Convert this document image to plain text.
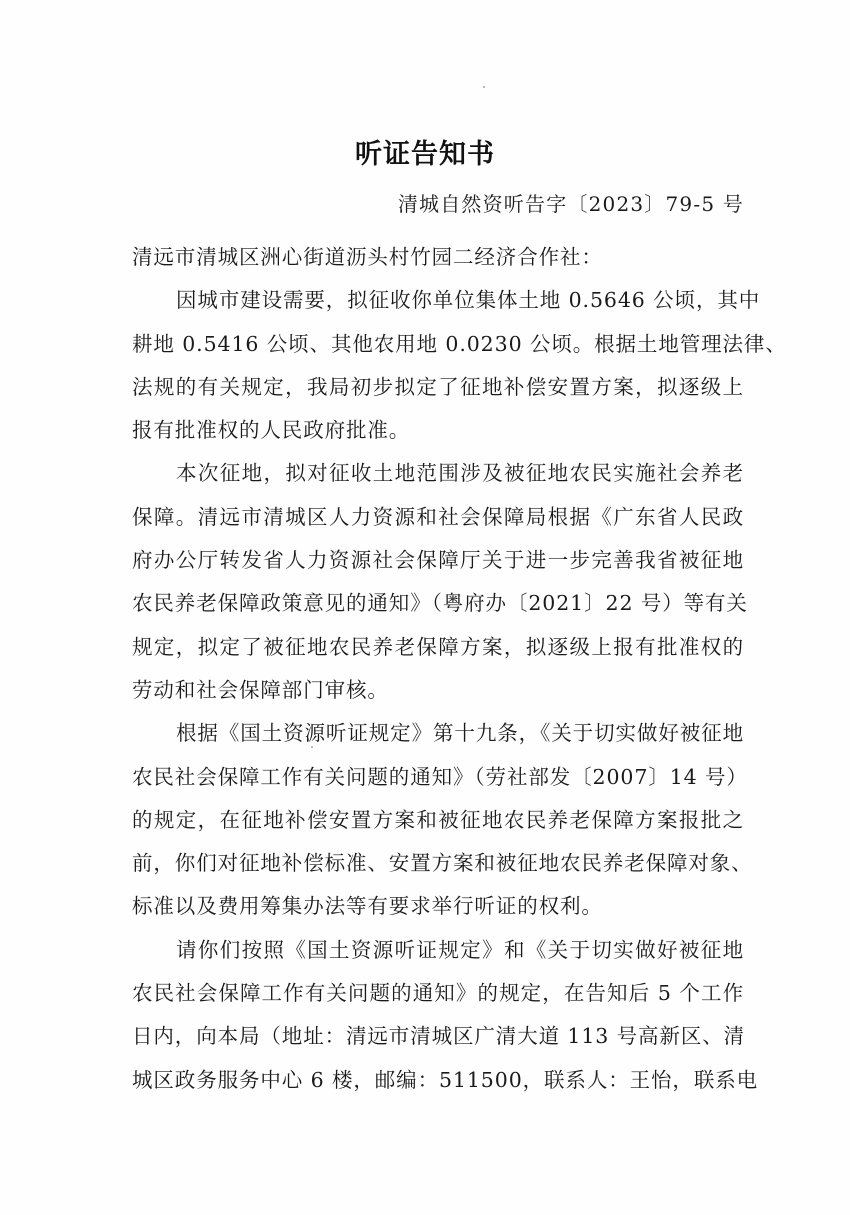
听证告知书
清城自然资听告字〔2023〕79-5 号
清远市清城区洲心街道沥头村竹园二经济合作社：
因城市建设需要，拟征收你单位集体土地 0.5646 公顷，其中
耕地 0.5416 公顷、其他农用地 0.0230 公顷。根据土地管理法律、
法规的有关规定，我局初步拟定了征地补偿安置方案，拟逐级上
报有批准权的人民政府批准。
本次征地，拟对征收土地范围涉及被征地农民实施社会养老
保障。清远市清城区人力资源和社会保障局根据《广东省人民政
府办公厅转发省人力资源社会保障厅关于进一步完善我省被征地
农民养老保障政策意见的通知》（粤府办〔2021〕22 号）等有关
规定，拟定了被征地农民养老保障方案，拟逐级上报有批准权的
劳动和社会保障部门审核。
根据《国土资源听证规定》第十九条，《关于切实做好被征地
农民社会保障工作有关问题的通知》（劳社部发〔2007〕14 号）
的规定，在征地补偿安置方案和被征地农民养老保障方案报批之
前，你们对征地补偿标准、安置方案和被征地农民养老保障对象、
标准以及费用筹集办法等有要求举行听证的权利。
请你们按照《国土资源听证规定》和《关于切实做好被征地
农民社会保障工作有关问题的通知》的规定，在告知后 5 个工作
日内，向本局（地址：清远市清城区广清大道 113 号高新区、清
城区政务服务中心 6 楼，邮编：511500，联系人：王怡，联系电
